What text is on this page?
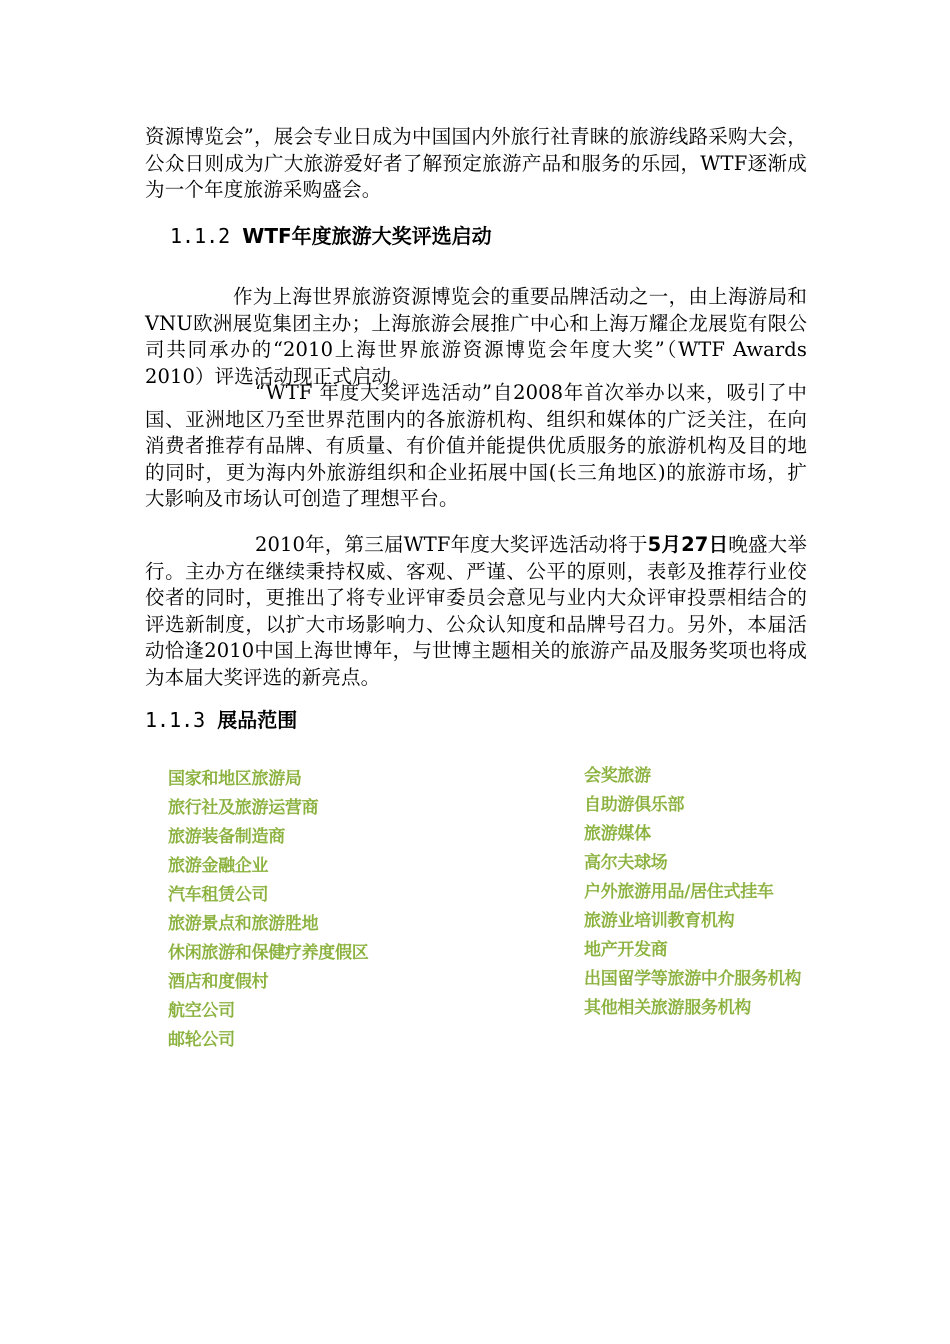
资源博览会”，展会专业日成为中国国内外旅行社青睐的旅游线路采购大会，公众日则成为广大旅游爱好者了解预定旅游产品和服务的乐园，WTF逐渐成为一个年度旅游采购盛会。

1.1.2 WTF年度旅游大奖评选启动

作为上海世界旅游资源博览会的重要品牌活动之一，由上海游局和VNU欧洲展览集团主办；上海旅游会展推广中心和上海万耀企龙展览有限公司共同承办的“2010上海世界旅游资源博览会年度大奖”（WTF Awards 2010）评选活动现正式启动。

“WTF 年度大奖评选活动”自2008年首次举办以来，吸引了中国、亚洲地区乃至世界范围内的各旅游机构、组织和媒体的广泛关注，在向消费者推荐有品牌、有质量、有价值并能提供优质服务的旅游机构及目的地的同时，更为海内外旅游组织和企业拓展中国(长三角地区)的旅游市场，扩大影响及市场认可创造了理想平台。

2010年，第三届WTF年度大奖评选活动将于5月27日晚盛大举行。主办方在继续秉持权威、客观、严谨、公平的原则，表彰及推荐行业佼佼者的同时，更推出了将专业评审委员会意见与业内大众评审投票相结合的评选新制度，以扩大市场影响力、公众认知度和品牌号召力。另外，本届活动恰逢2010中国上海世博年，与世博主题相关的旅游产品及服务奖项也将成为本届大奖评选的新亮点。

1.1.3 展品范围
国家和地区旅游局
旅行社及旅游运营商
旅游装备制造商
旅游金融企业
汽车租赁公司
旅游景点和旅游胜地
休闲旅游和保健疗养度假区
酒店和度假村
航空公司
邮轮公司
会奖旅游
自助游俱乐部
旅游媒体
高尔夫球场
户外旅游用品/居住式挂车
旅游业培训教育机构
地产开发商
出国留学等旅游中介服务机构
其他相关旅游服务机构
